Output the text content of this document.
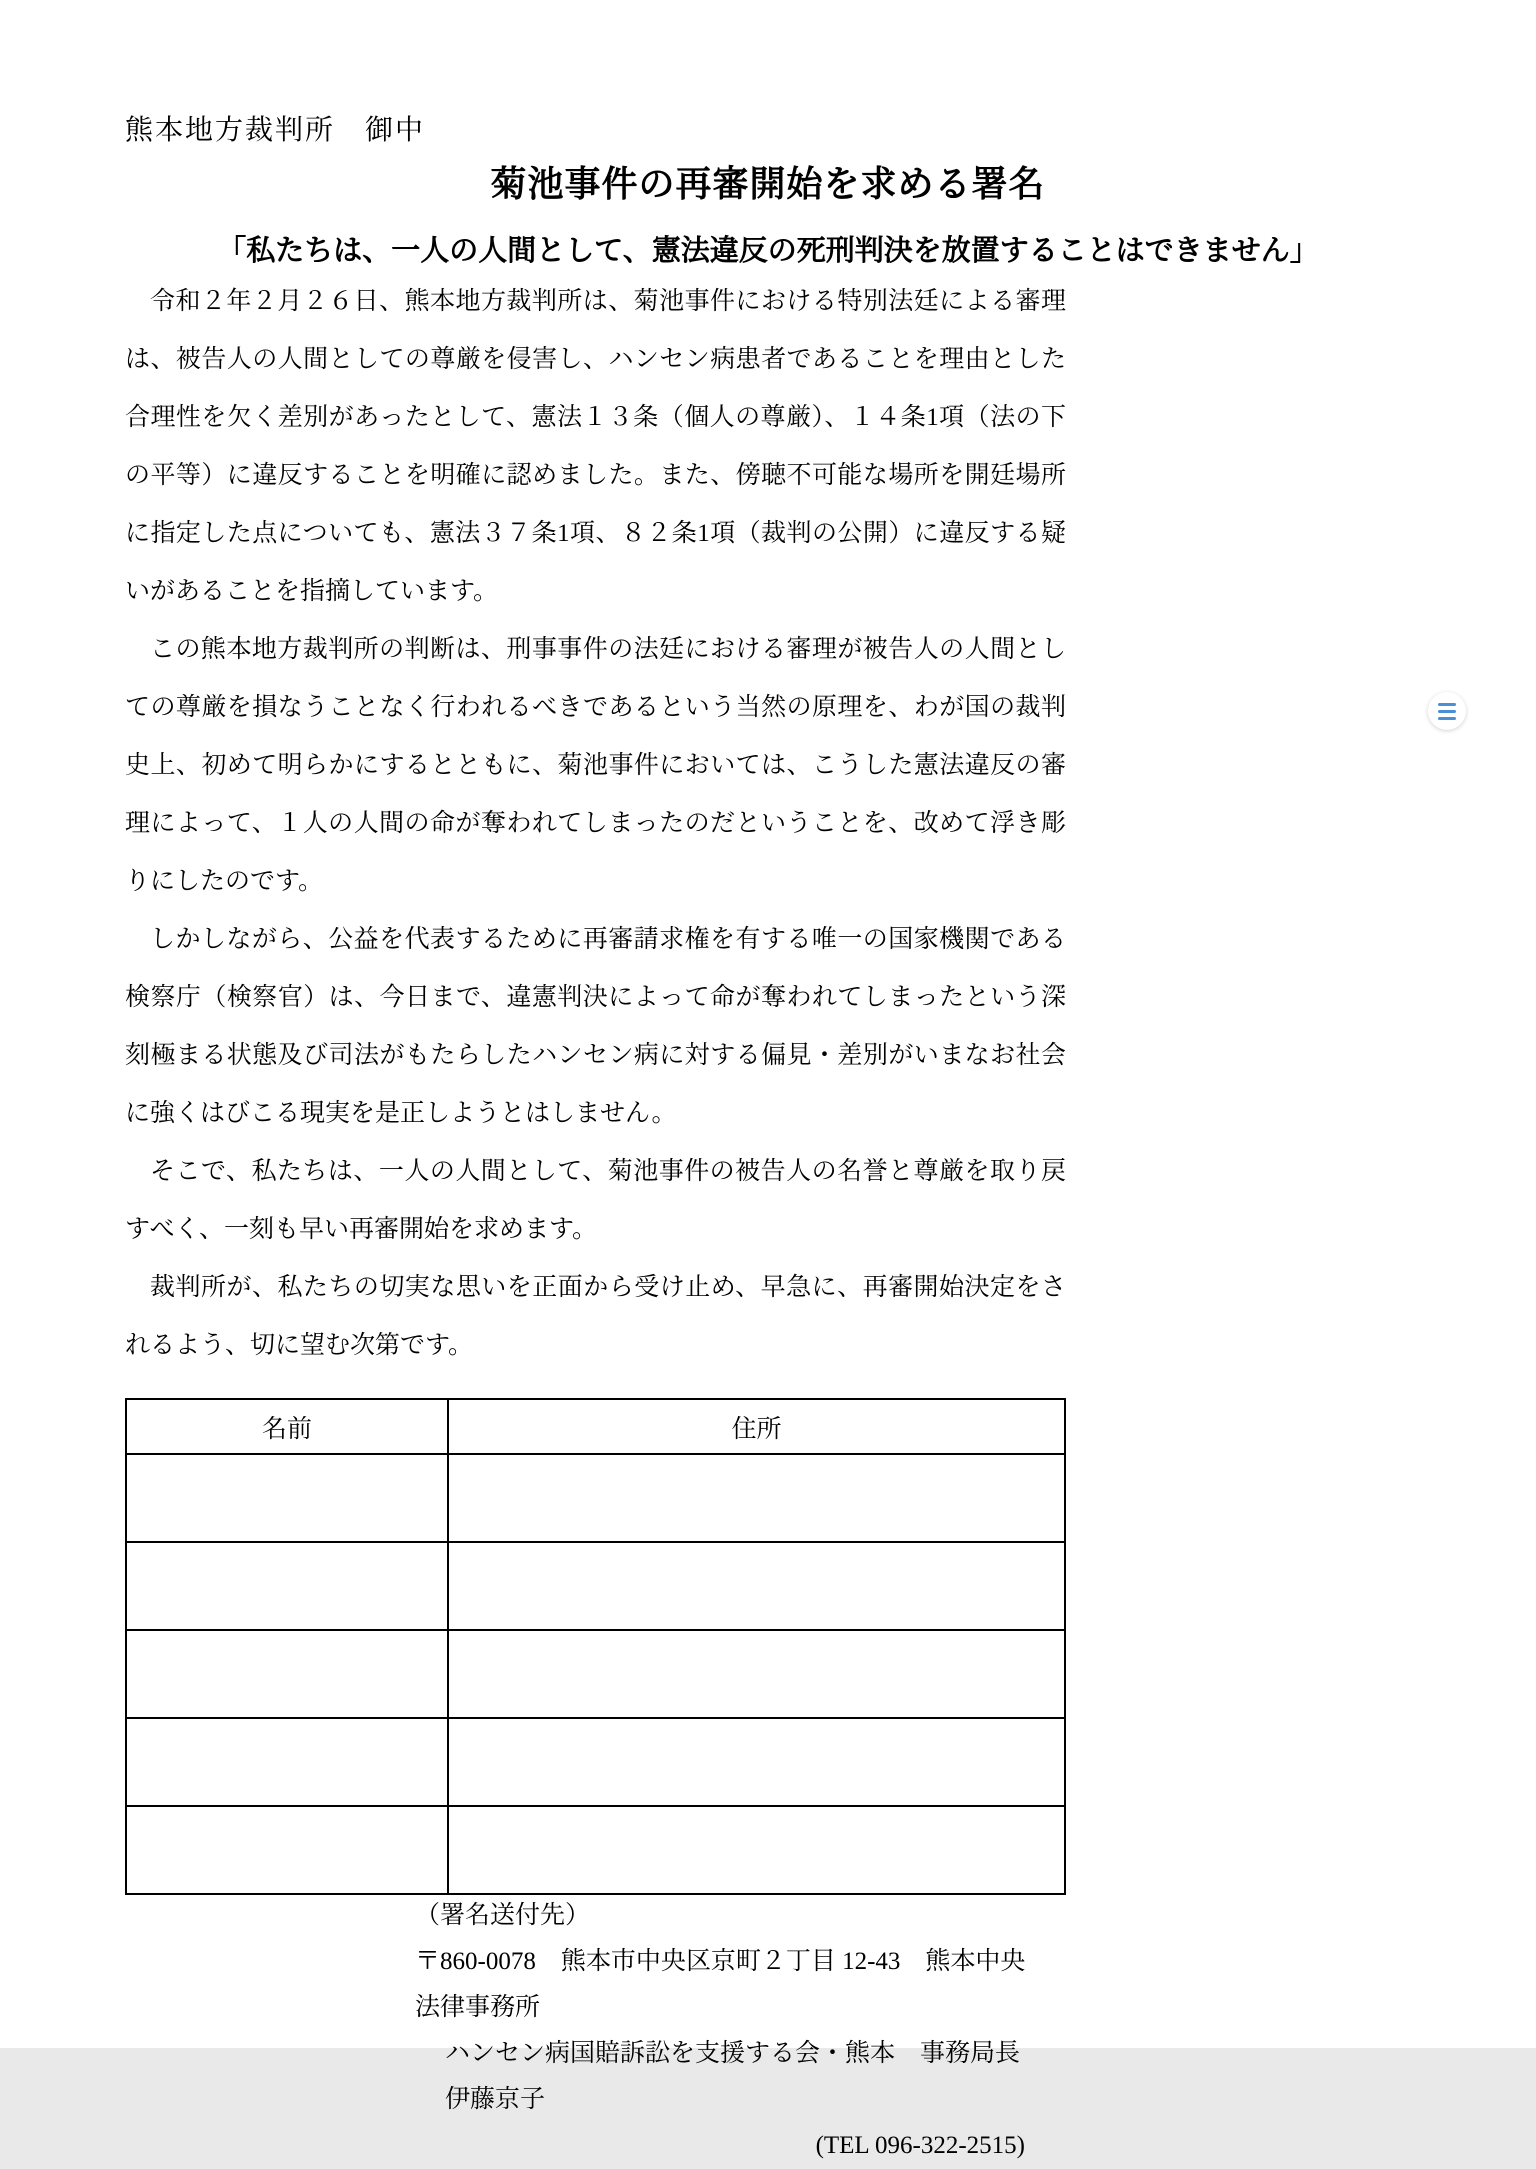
熊本地方裁判所　御中
菊池事件の再審開始を求める署名
「私たちは、一人の人間として、憲法違反の死刑判決を放置することはできません」

令和２年２月２６日、熊本地方裁判所は、菊池事件における特別法廷による審理は、被告人の人間としての尊厳を侵害し、ハンセン病患者であることを理由とした合理性を欠く差別があったとして、憲法１３条（個人の尊厳）、１４条1項（法の下の平等）に違反することを明確に認めました。また、傍聴不可能な場所を開廷場所に指定した点についても、憲法３７条1項、８２条1項（裁判の公開）に違反する疑いがあることを指摘しています。

この熊本地方裁判所の判断は、刑事事件の法廷における審理が被告人の人間としての尊厳を損なうことなく行われるべきであるという当然の原理を、わが国の裁判史上、初めて明らかにするとともに、菊池事件においては、こうした憲法違反の審理によって、１人の人間の命が奪われてしまったのだということを、改めて浮き彫りにしたのです。

しかしながら、公益を代表するために再審請求権を有する唯一の国家機関である検察庁（検察官）は、今日まで、違憲判決によって命が奪われてしまったという深刻極まる状態及び司法がもたらしたハンセン病に対する偏見・差別がいまなお社会に強くはびこる現実を是正しようとはしません。

そこで、私たちは、一人の人間として、菊池事件の被告人の名誉と尊厳を取り戻すべく、一刻も早い再審開始を求めます。

裁判所が、私たちの切実な思いを正面から受け止め、早急に、再審開始決定をされるよう、切に望む次第です。

名前	住所

（署名送付先）

〒860-0078　熊本市中央区京町２丁目 12-43　熊本中央法律事務所

ハンセン病国賠訴訟を支援する会・熊本　事務局長　伊藤京子

(TEL 096-322-2515)
